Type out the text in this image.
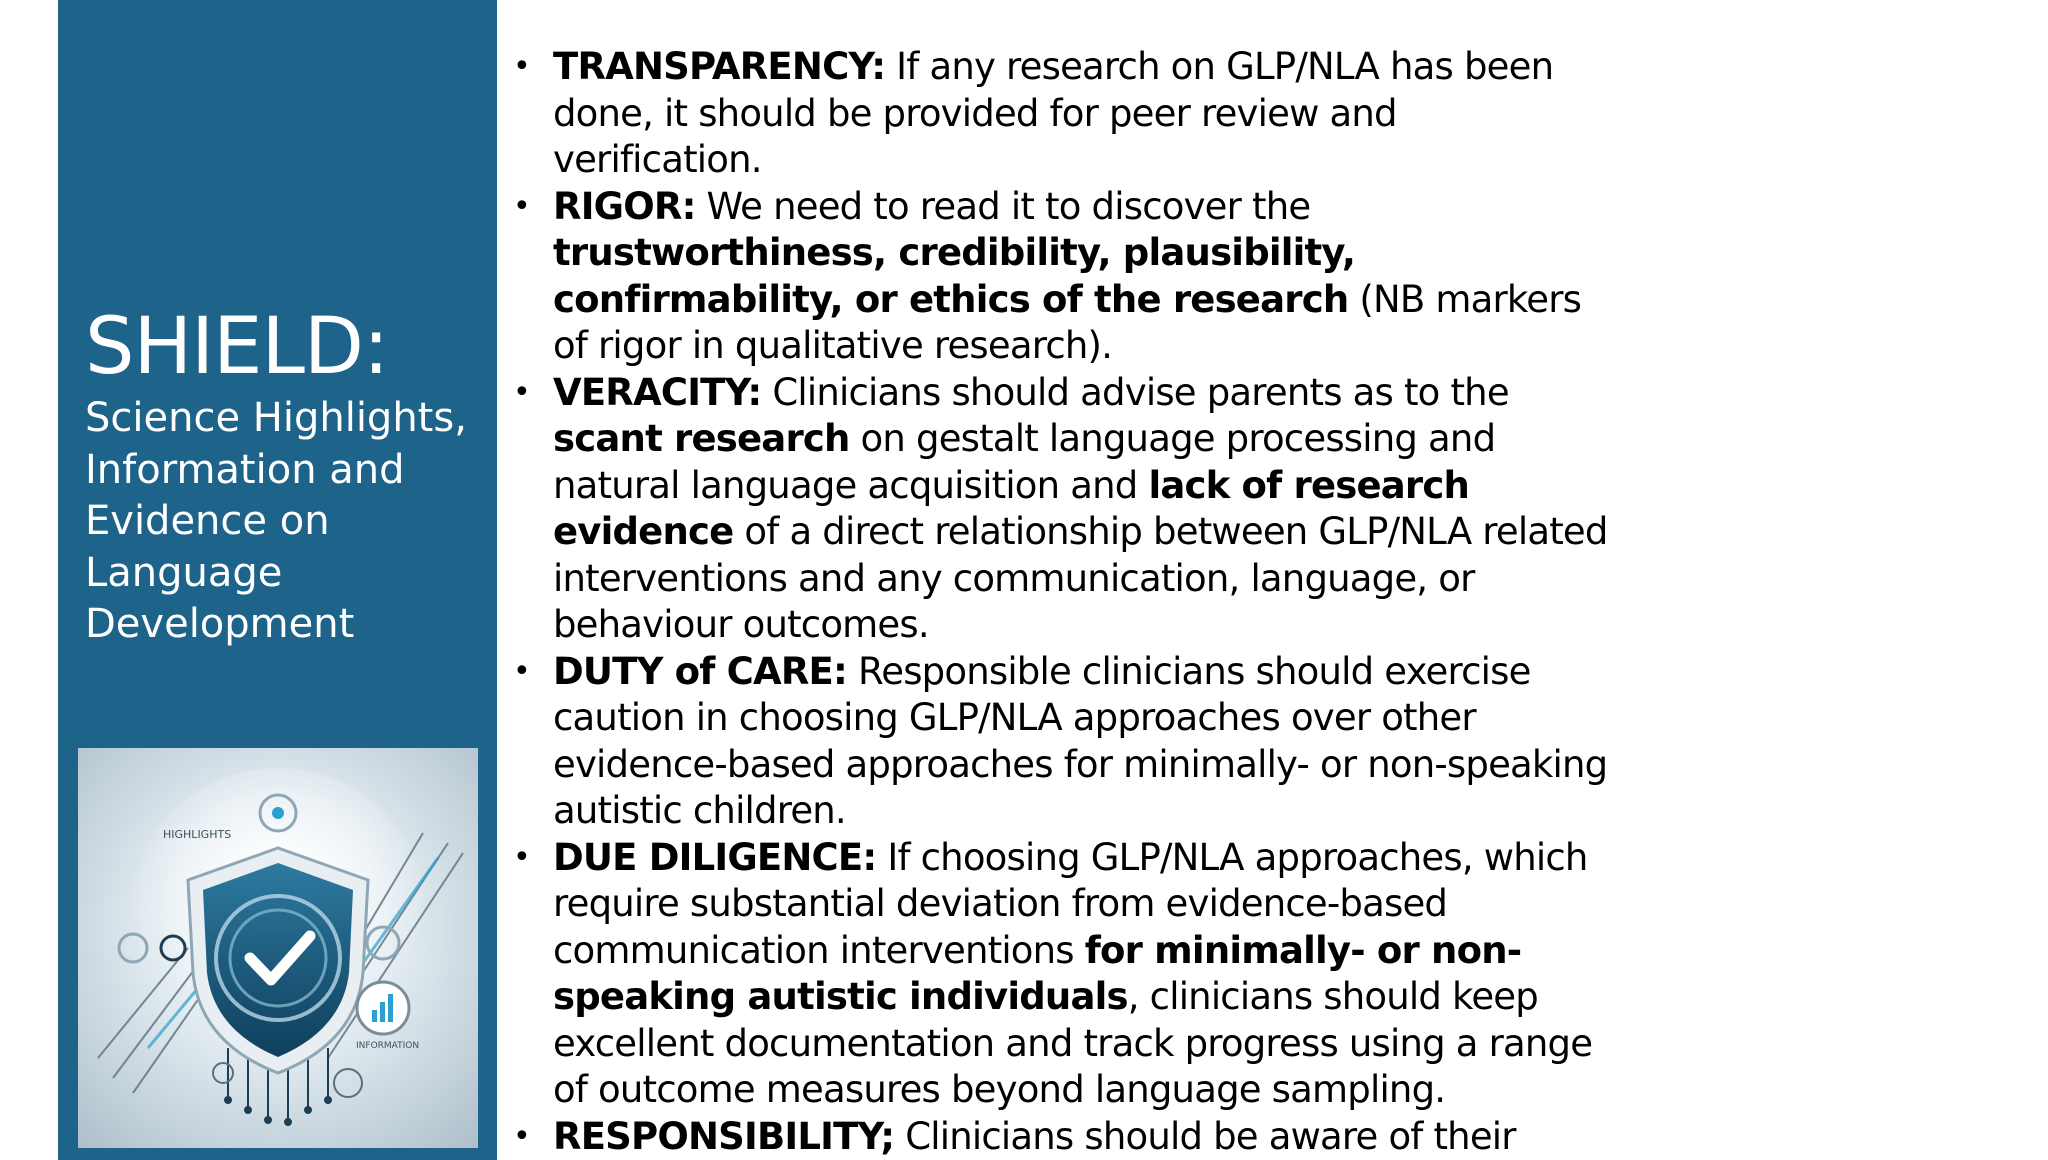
SHIELD:

Science Highlights, Information and Evidence on Language Development

HIGHLIGHTS
INFORMATION
• TRANSPARENCY: If any research on GLP/NLA has been done, it should be provided for peer review and verification.
• RIGOR: We need to read it to discover the trustworthiness, credibility, plausibility, confirmability, or ethics of the research (NB markers of rigor in qualitative research).
• VERACITY: Clinicians should advise parents as to the scant research on gestalt language processing and natural language acquisition and lack of research evidence of a direct relationship between GLP/NLA related interventions and any communication, language, or behaviour outcomes.
• DUTY of CARE: Responsible clinicians should exercise caution in choosing GLP/NLA approaches over other evidence-based approaches for minimally- or non-speaking autistic children.
• DUE DILIGENCE: If choosing GLP/NLA approaches, which require substantial deviation from evidence-based communication interventions for minimally- or non-speaking autistic individuals, clinicians should keep excellent documentation and track progress using a range of outcome measures beyond language sampling.
• RESPONSIBILITY; Clinicians should be aware of their
